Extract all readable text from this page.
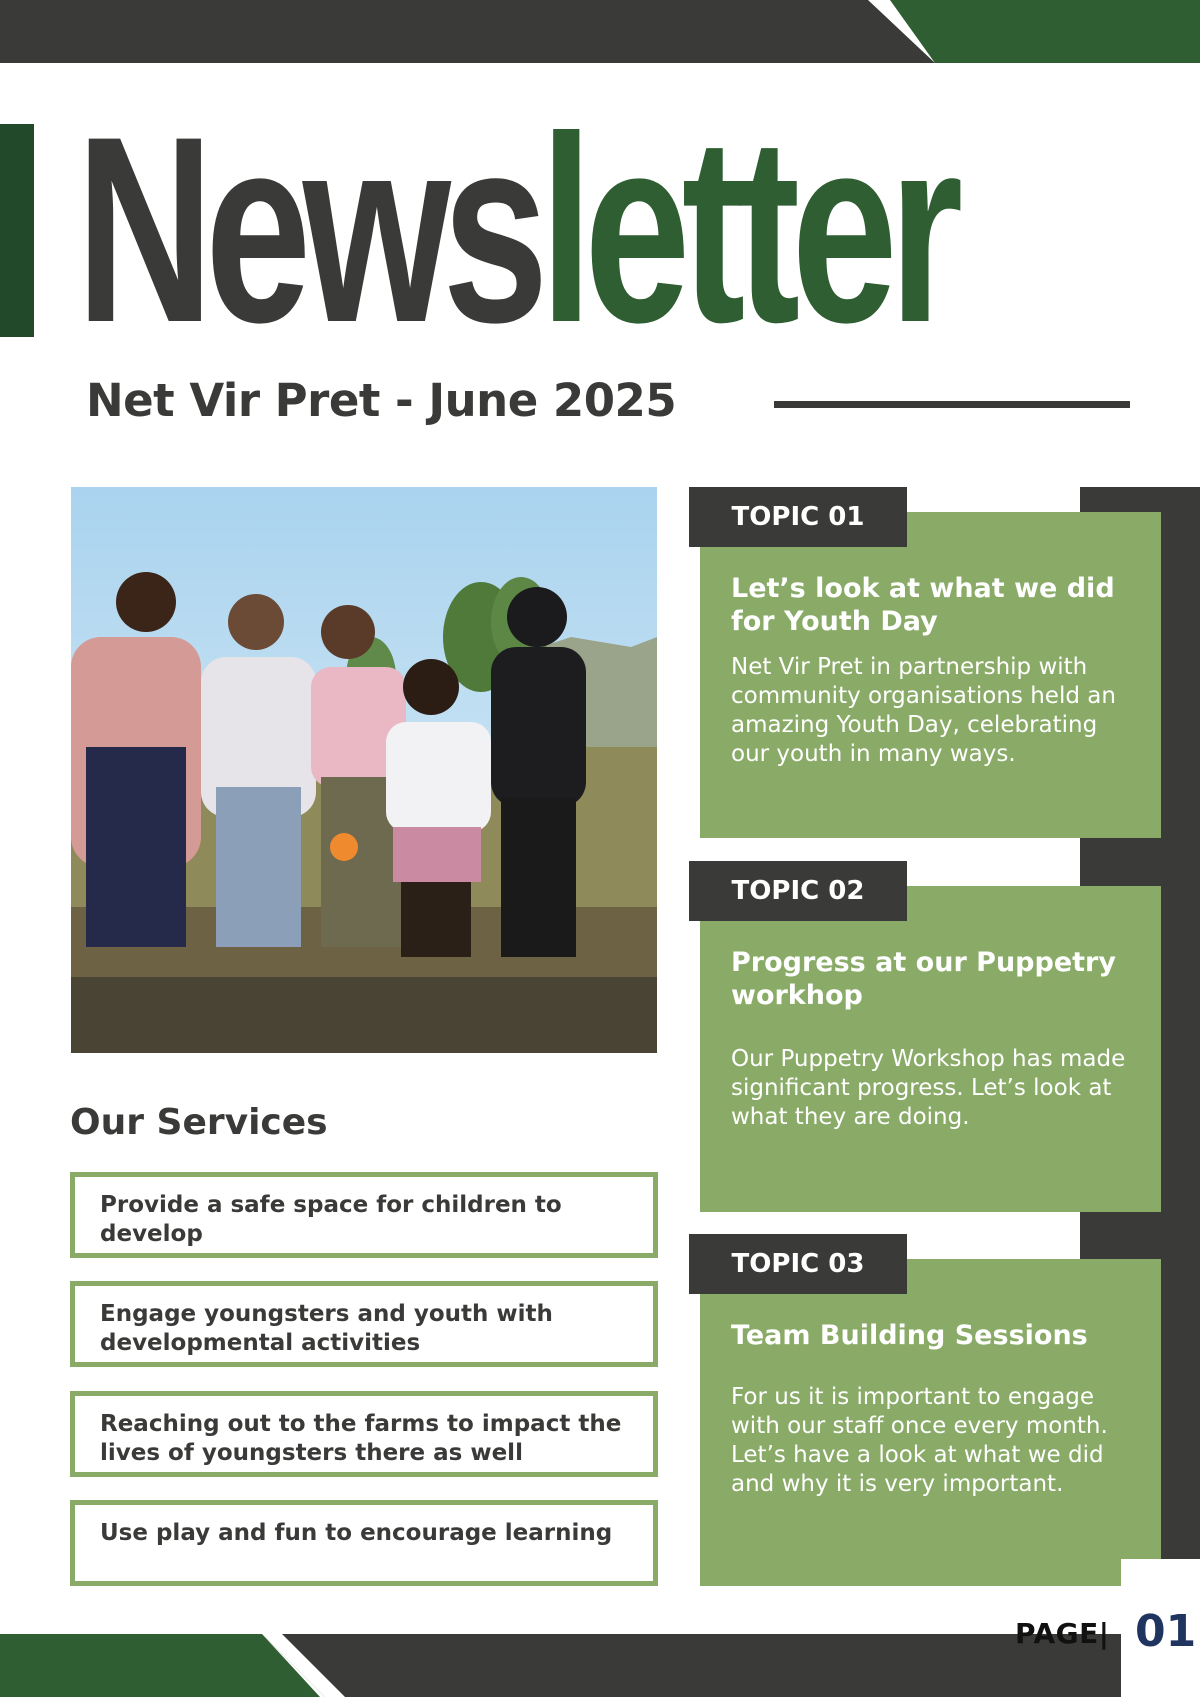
Newsletter
Net Vir Pret - June 2025
Our Services
Provide a safe space for children to develop
Engage youngsters and youth with developmental activities
Reaching out to the farms to impact the lives of youngsters there as well
Use play and fun to encourage learning
Let’s look at what we did for Youth Day
Net Vir Pret in partnership with community organisations held an amazing Youth Day, celebrating our youth in many ways.
TOPIC 01
Progress at our Puppetry workhop
Our Puppetry Workshop has made significant progress. Let’s look at what they are doing.
TOPIC 02
Team Building Sessions
For us it is important to engage with our staff once every month. Let’s have a look at what we did and why it is very important.
TOPIC 03
PAGE| 01
